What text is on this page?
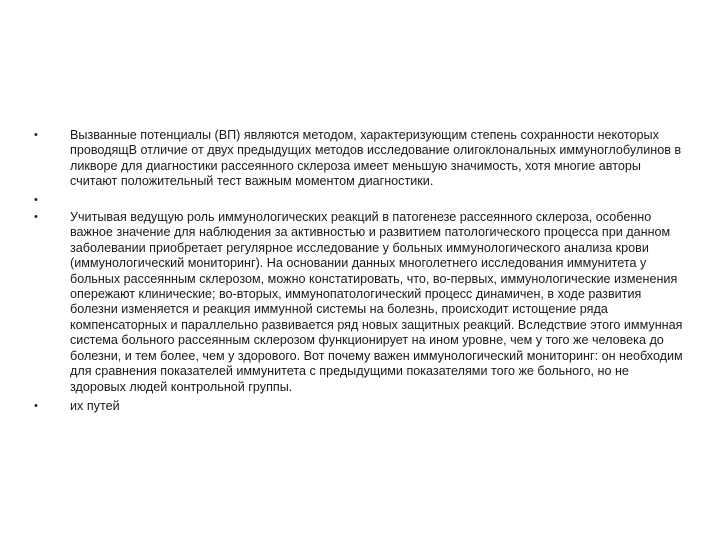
•	Вызванные потенциалы (ВП) являются методом, характеризующим степень сохранности некоторых проводящВ отличие от двух предыдущих методов исследование олигоклональных иммуноглобулинов в ликворе для диагностики рассеянного склероза имеет меньшую значимость, хотя многие авторы считают положительный тест важным моментом диагностики.
•
•	Учитывая ведущую роль иммунологических реакций в патогенезе рассеянного склероза, особенно важное значение для наблюдения за активностью и развитием патологического процесса при данном заболевании приобретает регулярное исследование у больных иммунологического анализа крови (иммунологический мониторинг). На основании данных многолетнего исследования иммунитета у больных рассеянным склерозом, можно констатировать, что, во-первых, иммунологические изменения опережают клинические; во-вторых, иммунопатологический процесс динамичен, в ходе развития болезни изменяется и реакция иммунной системы на болезнь, происходит истощение ряда компенсаторных и параллельно развивается ряд новых защитных реакций. Вследствие этого иммунная система больного рассеянным склерозом функционирует на ином уровне, чем у того же человека до болезни, и тем более, чем у здорового. Вот почему важен иммунологический мониторинг: он необходим для сравнения показателей иммунитета с предыдущими показателями того же больного, но не здоровых людей контрольной группы.
•	их путей
